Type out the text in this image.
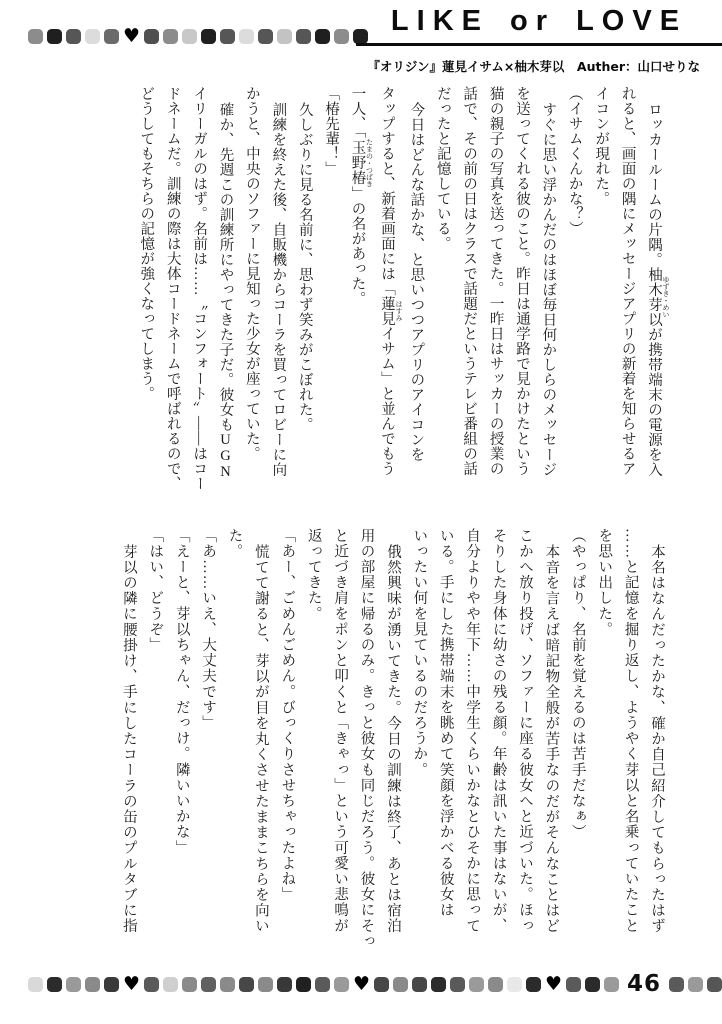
♥	LIKE or LOVE
『オリジン』蓮見イサム×柚木芽以　Auther：山口せりな
ロッカールームの片隅。柚木芽以 ゆずき・めいが携帯端末の電源を入
れると、画面の隅にメッセージアプリの新着を知らせるア
イコンが現れた。
（イサムくんかな？）
すぐに思い浮かんだのはほぼ毎日何かしらのメッセージ
を送ってくれる彼のこと。昨日は通学路で見かけたという
猫の親子の写真を送ってきた。一昨日はサッカーの授業の
話で、その前の日はクラスで話題だというテレビ番組の話
だったと記憶している。
今日はどんな話かな、と思いつつアプリのアイコンを
タップすると、新着画面には「蓮見 はすみイサム」と並んでもう
一人、「玉野椿 たまの・つばき」の名があった。
「椿先輩！」
久しぶりに見る名前に、思わず笑みがこぼれた。
訓練を終えた後、自販機からコーラを買ってロビーに向
かうと、中央のソファーに見知った少女が座っていた。
確か、先週この訓練所にやってきた子だ。彼女もUGN
イリーガルのはず。名前は……〝コンフォート〟――はコー
ドネームだ。訓練の際は大体コードネームで呼ばれるので、
どうしてもそちらの記憶が強くなってしまう。
本名はなんだったかな、確か自己紹介してもらったはず
……と記憶を掘り返し、ようやく芽以と名乗っていたこと
を思い出した。
（やっぱり、名前を覚えるのは苦手だなぁ）
本音を言えば暗記物全般が苦手なのだがそんなことはど
こかへ放り投げ、ソファーに座る彼女へと近づいた。ほっ
そりした身体に幼さの残る顔。年齢は訊いた事はないが、
自分よりやや年下……中学生くらいかなとひそかに思って
いる。手にした携帯端末を眺めて笑顔を浮かべる彼女は
いったい何を見ているのだろうか。
俄然興味が湧いてきた。今日の訓練は終了、あとは宿泊
用の部屋に帰るのみ。きっと彼女も同じだろう。彼女にそっ
と近づき肩をポンと叩くと「きゃっ」という可愛い悲鳴が
返ってきた。
「あー、ごめんごめん。びっくりさせちゃったよね」
慌てて謝ると、芽以が目を丸くさせたままこちらを向い
た。
「あ……いえ、大丈夫です」
「えーと、芽以ちゃん、だっけ。隣いいかな」
「はい、どうぞ」
芽以の隣に腰掛け、手にしたコーラの缶のプルタブに指
♥	♥	♥	46
